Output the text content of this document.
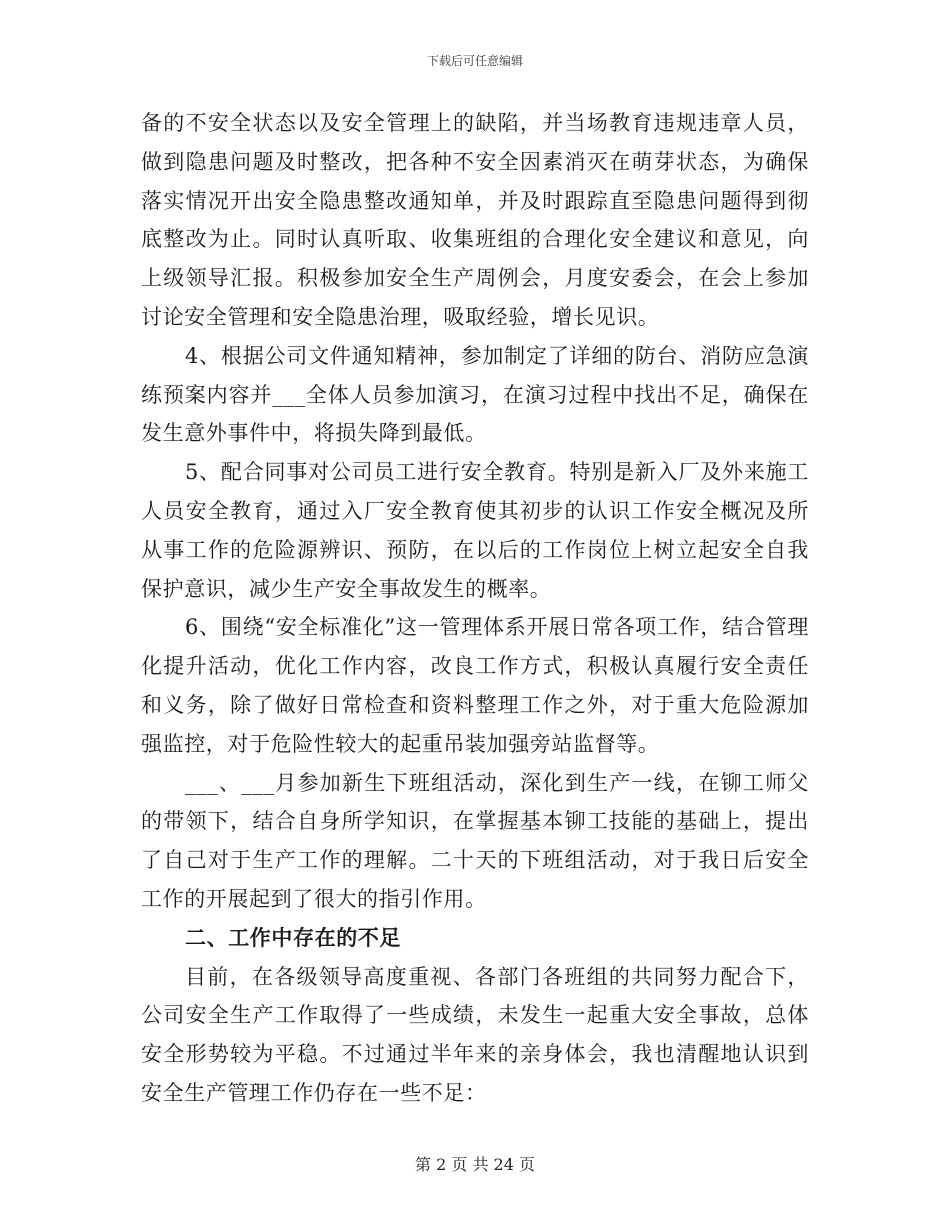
下载后可任意编辑

备的不安全状态以及安全管理上的缺陷，并当场教育违规违章人员，做到隐患问题及时整改，把各种不安全因素消灭在萌芽状态，为确保落实情况开出安全隐患整改通知单，并及时跟踪直至隐患问题得到彻底整改为止。同时认真听取、收集班组的合理化安全建议和意见，向上级领导汇报。积极参加安全生产周例会，月度安委会，在会上参加讨论安全管理和安全隐患治理，吸取经验，增长见识。

4、根据公司文件通知精神，参加制定了详细的防台、消防应急演练预案内容并___全体人员参加演习，在演习过程中找出不足，确保在发生意外事件中，将损失降到最低。

5、配合同事对公司员工进行安全教育。特别是新入厂及外来施工人员安全教育，通过入厂安全教育使其初步的认识工作安全概况及所从事工作的危险源辨识、预防，在以后的工作岗位上树立起安全自我保护意识，减少生产安全事故发生的概率。

6、围绕“安全标准化”这一管理体系开展日常各项工作，结合管理化提升活动，优化工作内容，改良工作方式，积极认真履行安全责任和义务，除了做好日常检查和资料整理工作之外，对于重大危险源加强监控，对于危险性较大的起重吊装加强旁站监督等。

___、___月参加新生下班组活动，深化到生产一线，在铆工师父的带领下，结合自身所学知识，在掌握基本铆工技能的基础上，提出了自己对于生产工作的理解。二十天的下班组活动，对于我日后安全工作的开展起到了很大的指引作用。

二、工作中存在的不足

目前，在各级领导高度重视、各部门各班组的共同努力配合下，公司安全生产工作取得了一些成绩，未发生一起重大安全事故，总体安全形势较为平稳。不过通过半年来的亲身体会，我也清醒地认识到安全生产管理工作仍存在一些不足：

第 2 页 共 24 页
